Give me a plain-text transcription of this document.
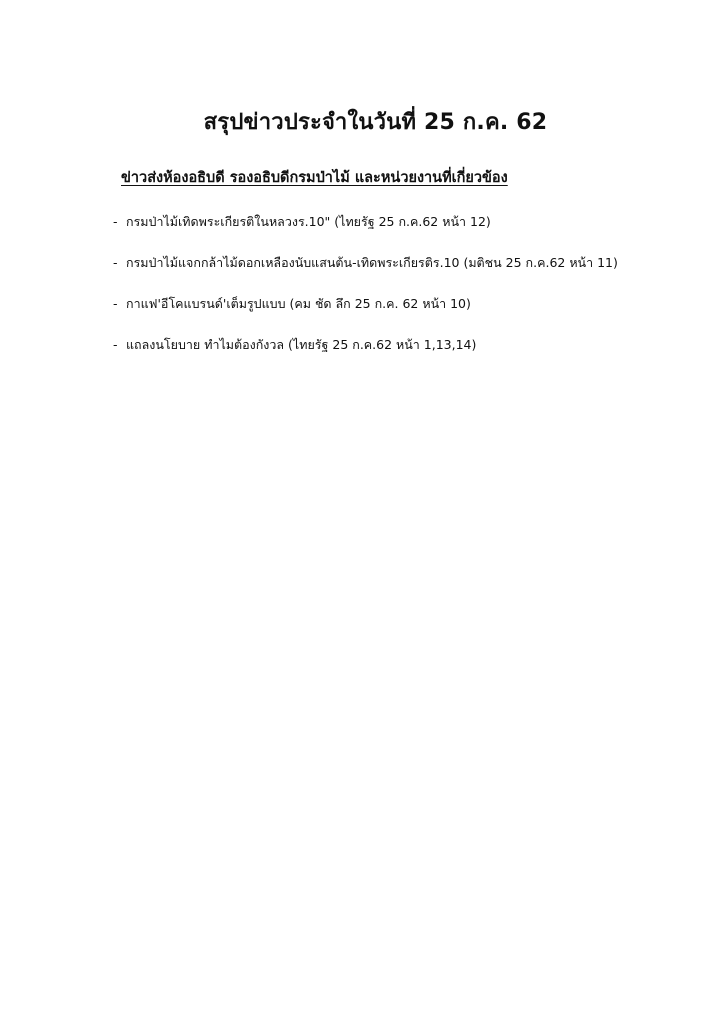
สรุปข่าวประจำในวันที่ 25 ก.ค. 62
ข่าวส่งห้องอธิบดี รองอธิบดีกรมป่าไม้ และหน่วยงานที่เกี่ยวข้อง
- กรมป่าไม้เทิดพระเกียรติในหลวงร.10" (ไทยรัฐ 25 ก.ค.62 หน้า 12)
- กรมป่าไม้แจกกล้าไม้ดอกเหลืองนับแสนต้น-เทิดพระเกียรติร.10 (มติชน 25 ก.ค.62 หน้า 11)
- กาแฟ'อีโคแบรนด์'เต็มรูปแบบ (คม ชัด ลึก 25 ก.ค. 62 หน้า 10)
- แถลงนโยบาย ทำไมต้องกังวล (ไทยรัฐ 25 ก.ค.62 หน้า 1,13,14)
